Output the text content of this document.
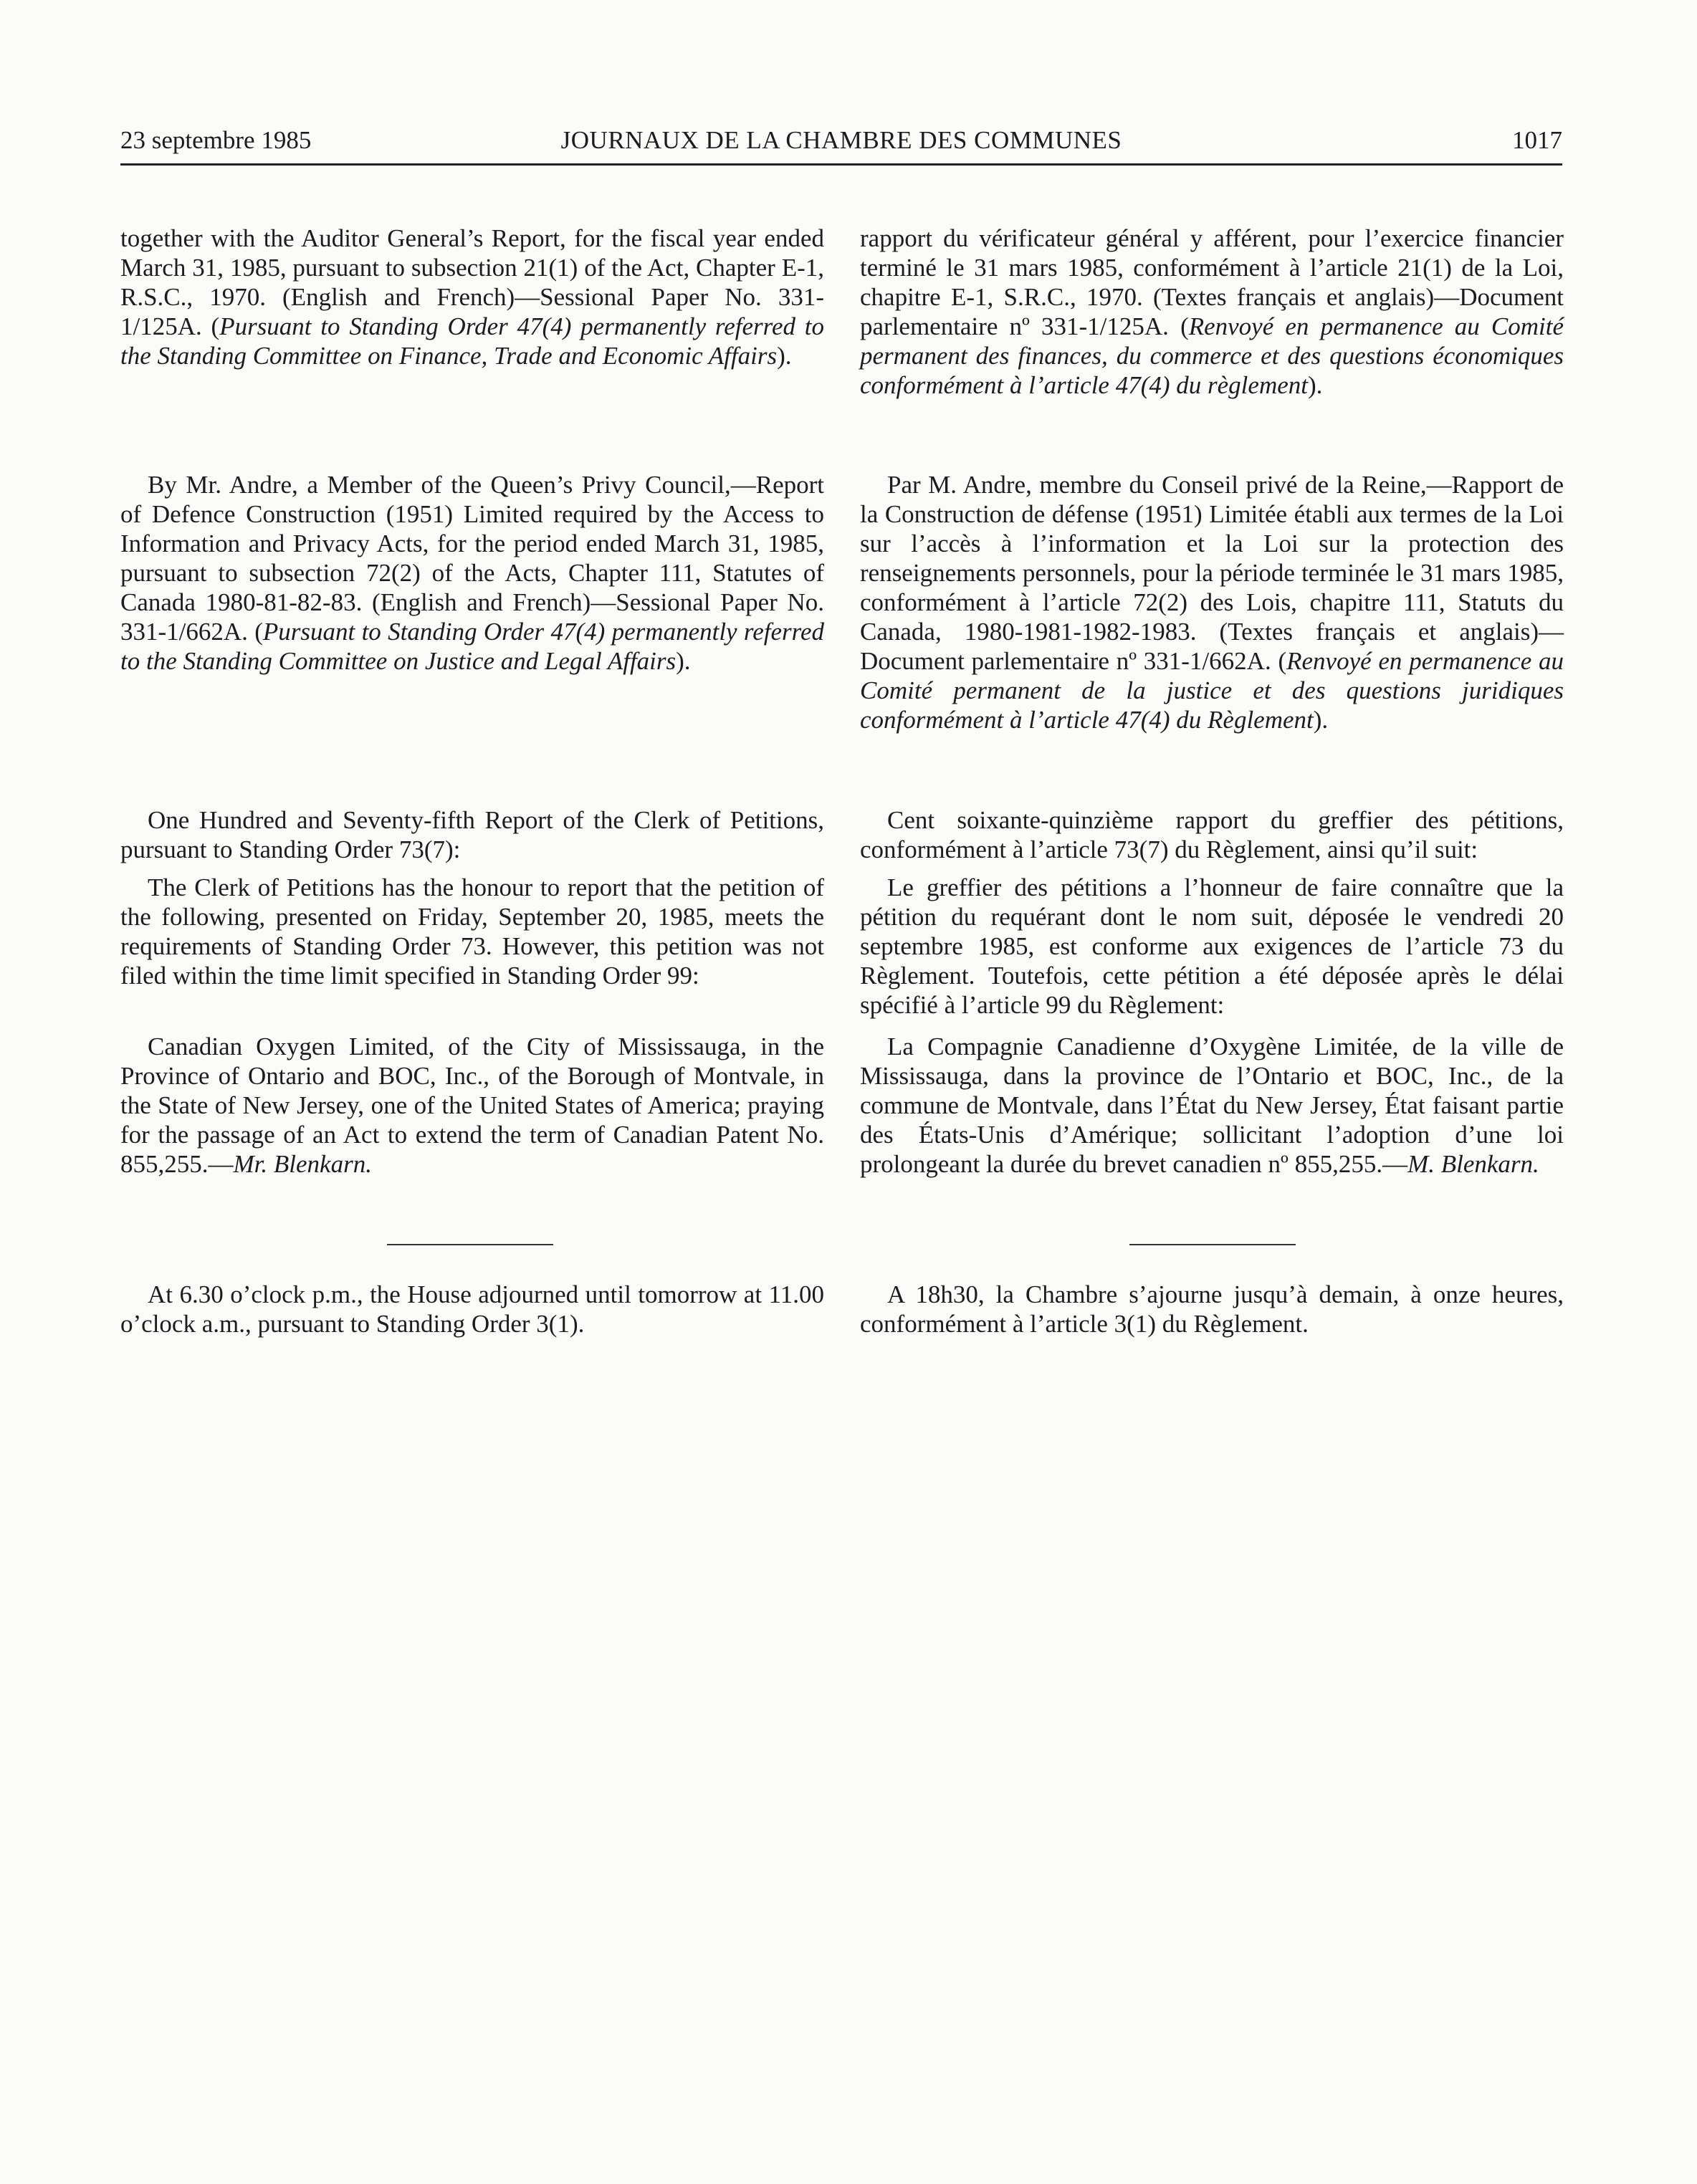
23 septembre 1985	JOURNAUX DE LA CHAMBRE DES COMMUNES	1017

together with the Auditor General’s Report, for the fiscal year ended March 31, 1985, pursuant to subsection 21(1) of the Act, Chapter E-1, R.S.C., 1970. (English and French)—Sessional Paper No. 331-1/125A. (Pursuant to Standing Order 47(4) permanently referred to the Standing Committee on Finance, Trade and Economic Affairs).

By Mr. Andre, a Member of the Queen’s Privy Council,—Report of Defence Construction (1951) Limited required by the Access to Information and Privacy Acts, for the period ended March 31, 1985, pursuant to subsection 72(2) of the Acts, Chapter 111, Statutes of Canada 1980-81-82-83. (English and French)—Sessional Paper No. 331-1/662A. (Pursuant to Standing Order 47(4) permanently referred to the Standing Committee on Justice and Legal Affairs).

One Hundred and Seventy-fifth Report of the Clerk of Petitions, pursuant to Standing Order 73(7):

The Clerk of Petitions has the honour to report that the petition of the following, presented on Friday, September 20, 1985, meets the requirements of Standing Order 73. However, this petition was not filed within the time limit specified in Standing Order 99:

Canadian Oxygen Limited, of the City of Mississauga, in the Province of Ontario and BOC, Inc., of the Borough of Montvale, in the State of New Jersey, one of the United States of America; praying for the passage of an Act to extend the term of Canadian Patent No. 855,255.—Mr. Blenkarn.

At 6.30 o’clock p.m., the House adjourned until tomorrow at 11.00 o’clock a.m., pursuant to Standing Order 3(1).

rapport du vérificateur général y afférent, pour l’exercice financier terminé le 31 mars 1985, conformément à l’article 21(1) de la Loi, chapitre E-1, S.R.C., 1970. (Textes français et anglais)—Document parlementaire nº 331-1/125A. (Renvoyé en permanence au Comité permanent des finances, du commerce et des questions économiques conformément à l’article 47(4) du règlement).

Par M. Andre, membre du Conseil privé de la Reine,—Rapport de la Construction de défense (1951) Limitée établi aux termes de la Loi sur l’accès à l’information et la Loi sur la protection des renseignements personnels, pour la période terminée le 31 mars 1985, conformément à l’article 72(2) des Lois, chapitre 111, Statuts du Canada, 1980-1981-1982-1983. (Textes français et anglais)—Document parlementaire nº 331-1/662A. (Renvoyé en permanence au Comité permanent de la justice et des questions juridiques conformément à l’article 47(4) du Règlement).

Cent soixante-quinzième rapport du greffier des pétitions, conformément à l’article 73(7) du Règlement, ainsi qu’il suit:

Le greffier des pétitions a l’honneur de faire connaître que la pétition du requérant dont le nom suit, déposée le vendredi 20 septembre 1985, est conforme aux exigences de l’article 73 du Règlement. Toutefois, cette pétition a été déposée après le délai spécifié à l’article 99 du Règlement:

La Compagnie Canadienne d’Oxygène Limitée, de la ville de Mississauga, dans la province de l’Ontario et BOC, Inc., de la commune de Montvale, dans l’État du New Jersey, État faisant partie des États-Unis d’Amérique; sollicitant l’adoption d’une loi prolongeant la durée du brevet canadien nº 855,255.—M. Blenkarn.

A 18h30, la Chambre s’ajourne jusqu’à demain, à onze heures, conformément à l’article 3(1) du Règlement.
